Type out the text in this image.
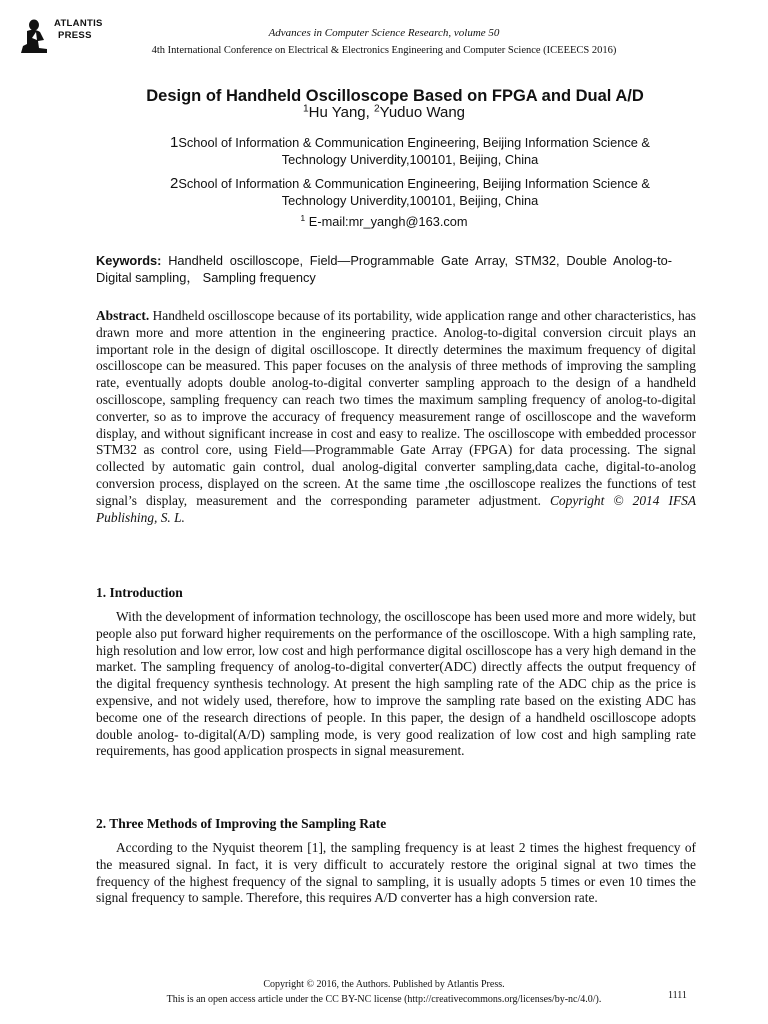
ATLANTIS
PRESS	Advances in Computer Science Research, volume 50
4th International Conference on Electrical & Electronics Engineering and Computer Science (ICEEECS 2016)
Design of Handheld Oscilloscope Based on FPGA and Dual A/D
$^1$Hu Yang, $^2$Yuduo Wang
1School of Information & Communication Engineering, Beijing Information Science &
Technology Univerdity,100101, Beijing, China
2School of Information & Communication Engineering, Beijing Information Science &
Technology Univerdity,100101, Beijing, China
$^1$ E-mail:mr_yangh@163.com
Keywords: Handheld oscilloscope, Field—Programmable Gate Array, STM32, Double Anolog-to-Digital sampling， Sampling frequency
Abstract. Handheld oscilloscope because of its portability, wide application range and other characteristics, has drawn more and more attention in the engineering practice. Anolog-to-digital conversion circuit plays an important role in the design of digital oscilloscope. It directly determines the maximum frequency of digital oscilloscope can be measured. This paper focuses on the analysis of three methods of improving the sampling rate, eventually adopts double anolog-to-digital converter sampling approach to the design of a handheld oscilloscope, sampling frequency can reach two times the maximum sampling frequency of anolog-to-digital converter, so as to improve the accuracy of frequency measurement range of oscilloscope and the waveform display, and without significant increase in cost and easy to realize. The oscilloscope with embedded processor STM32 as control core, using Field—Programmable Gate Array (FPGA) for data processing. The signal collected by automatic gain control, dual anolog-digital converter sampling,data cache, digital-to-anolog conversion process, displayed on the screen. At the same time ,the oscilloscope realizes the functions of test signal’s display, measurement and the corresponding parameter adjustment. Copyright © 2014 IFSA Publishing, S. L.
1. Introduction
With the development of information technology, the oscilloscope has been used more and more widely, but people also put forward higher requirements on the performance of the oscilloscope. With a high sampling rate, high resolution and low error, low cost and high performance digital oscilloscope has a very high demand in the market. The sampling frequency of anolog-to-digital converter(ADC) directly affects the output frequency of the digital frequency synthesis technology. At present the high sampling rate of the ADC chip as the price is expensive, and not widely used, therefore, how to improve the sampling rate based on the existing ADC has become one of the research directions of people. In this paper, the design of a handheld oscilloscope adopts double anolog- to-digital(A/D) sampling mode, is very good realization of low cost and high sampling rate requirements, has good application prospects in signal measurement.
2. Three Methods of Improving the Sampling Rate
According to the Nyquist theorem [1], the sampling frequency is at least 2 times the highest frequency of the measured signal. In fact, it is very difficult to accurately restore the original signal at two times the frequency of the highest frequency of the signal to sampling, it is usually adopts 5 times or even 10 times the signal frequency to sample. Therefore, this requires A/D converter has a high conversion rate.
Copyright © 2016, the Authors. Published by Atlantis Press.
This is an open access article under the CC BY-NC license (http://creativecommons.org/licenses/by-nc/4.0/).	1111
